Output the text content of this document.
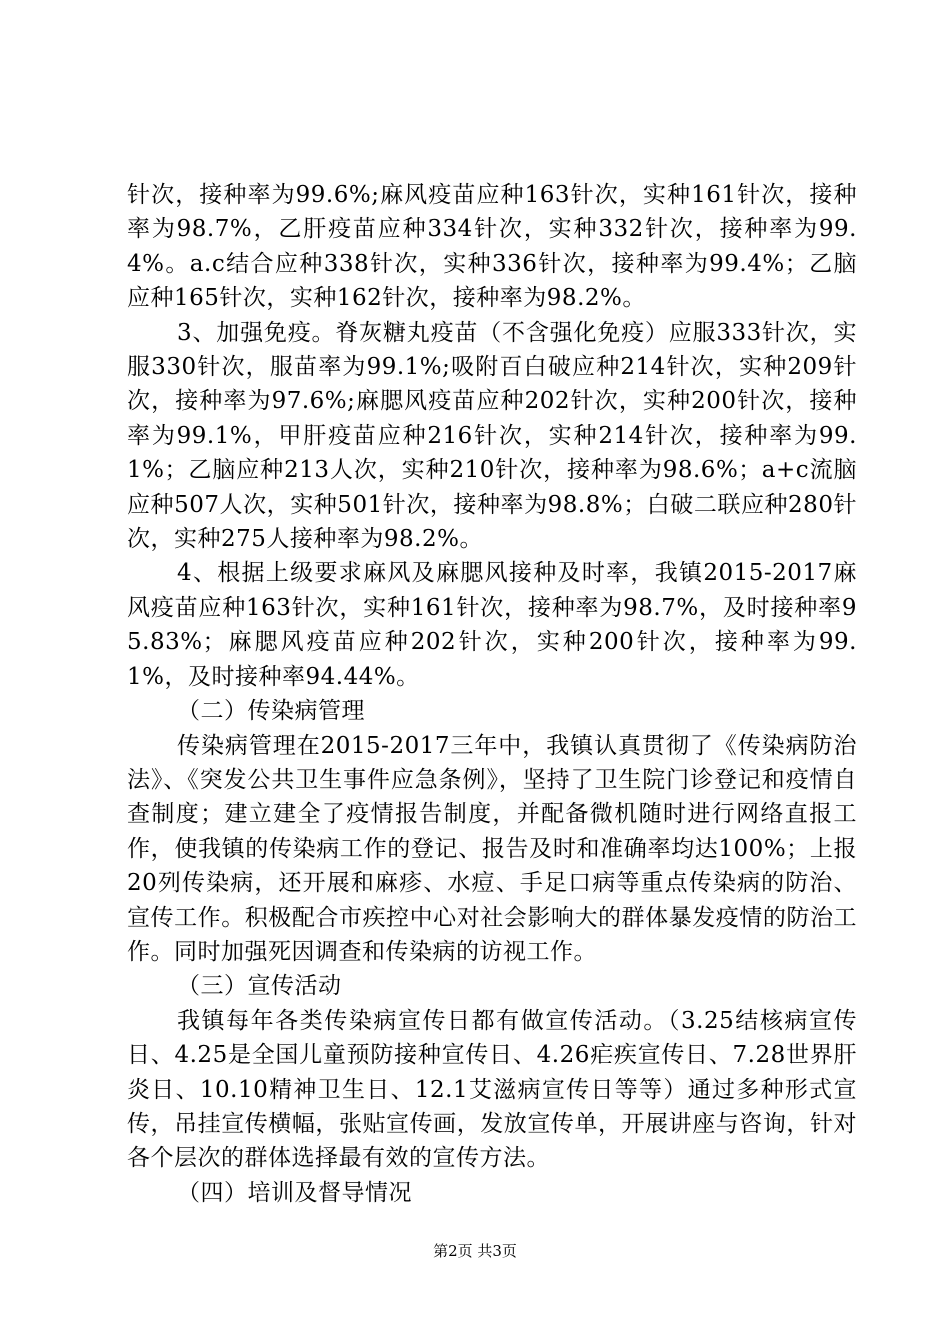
针次，接种率为99.6%;麻风疫苗应种163针次，实种161针次，接种率为98.7%，乙肝疫苗应种334针次，实种332针次，接种率为99.4%。a.c结合应种338针次，实种336针次，接种率为99.4%；乙脑应种165针次，实种162针次，接种率为98.2%。

3、加强免疫。脊灰糖丸疫苗（不含强化免疫）应服333针次，实服330针次，服苗率为99.1%;吸附百白破应种214针次，实种209针次，接种率为97.6%;麻腮风疫苗应种202针次，实种200针次，接种率为99.1%，甲肝疫苗应种216针次，实种214针次，接种率为99.1%；乙脑应种213人次，实种210针次，接种率为98.6%；a+c流脑应种507人次，实种501针次，接种率为98.8%；白破二联应种280针次，实种275人接种率为98.2%。

4、根据上级要求麻风及麻腮风接种及时率，我镇2015-2017麻风疫苗应种163针次，实种161针次，接种率为98.7%，及时接种率95.83%；麻腮风疫苗应种202针次，实种200针次，接种率为99.1%，及时接种率94.44%。

（二）传染病管理

传染病管理在2015-2017三年中，我镇认真贯彻了《传染病防治法》、《突发公共卫生事件应急条例》，坚持了卫生院门诊登记和疫情自查制度；建立建全了疫情报告制度，并配备微机随时进行网络直报工作，使我镇的传染病工作的登记、报告及时和准确率均达100%；上报20列传染病，还开展和麻疹、水痘、手足口病等重点传染病的防治、宣传工作。积极配合市疾控中心对社会影响大的群体暴发疫情的防治工作。同时加强死因调查和传染病的访视工作。

（三）宣传活动

我镇每年各类传染病宣传日都有做宣传活动。（3.25结核病宣传日、4.25是全国儿童预防接种宣传日、4.26疟疾宣传日、7.28世界肝炎日、10.10精神卫生日、12.1艾滋病宣传日等等）通过多种形式宣传，吊挂宣传横幅，张贴宣传画，发放宣传单，开展讲座与咨询，针对各个层次的群体选择最有效的宣传方法。

（四）培训及督导情况

第2页 共3页
